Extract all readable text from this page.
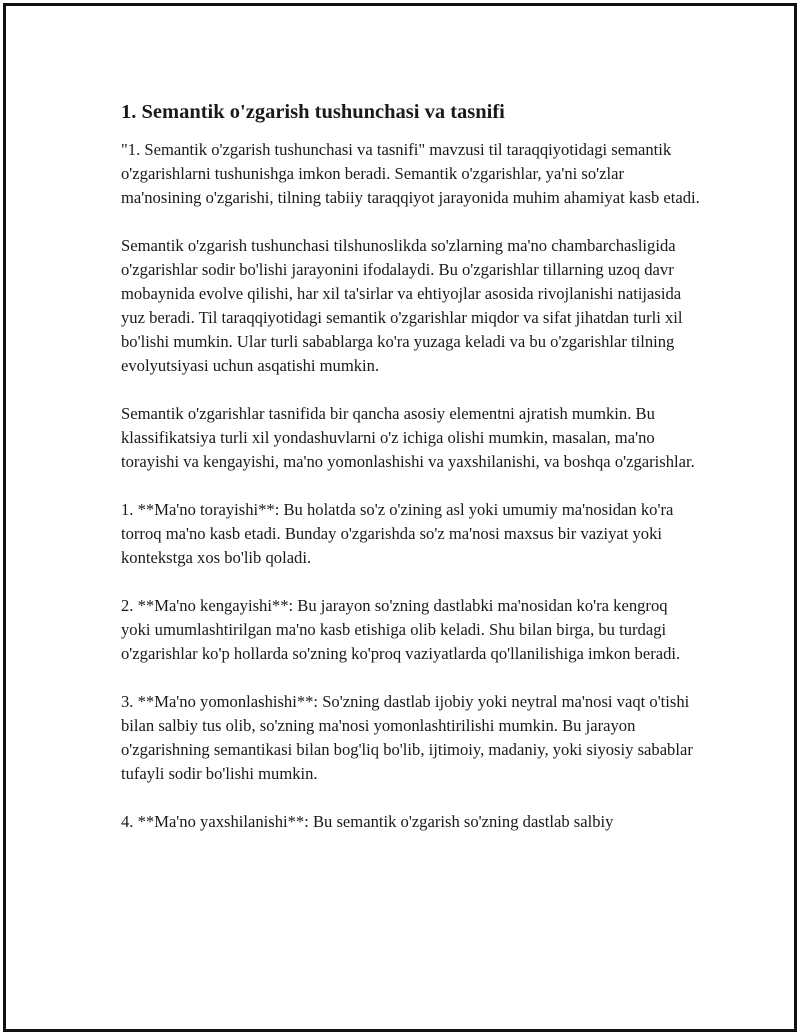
1. Semantik o'zgarish tushunchasi va tasnifi

"1. Semantik o'zgarish tushunchasi va tasnifi" mavzusi til taraqqiyotidagi semantik o'zgarishlarni tushunishga imkon beradi. Semantik o'zgarishlar, ya'ni so'zlar ma'nosining o'zgarishi, tilning tabiiy taraqqiyot jarayonida muhim ahamiyat kasb etadi.

Semantik o'zgarish tushunchasi tilshunoslikda so'zlarning ma'no chambarchasligida o'zgarishlar sodir bo'lishi jarayonini ifodalaydi. Bu o'zgarishlar tillarning uzoq davr mobaynida evolve qilishi, har xil ta'sirlar va ehtiyojlar asosida rivojlanishi natijasida yuz beradi. Til taraqqiyotidagi semantik o'zgarishlar miqdor va sifat jihatdan turli xil bo'lishi mumkin. Ular turli sabablarga ko'ra yuzaga keladi va bu o'zgarishlar tilning evolyutsiyasi uchun asqatishi mumkin.

Semantik o'zgarishlar tasnifida bir qancha asosiy elementni ajratish mumkin. Bu klassifikatsiya turli xil yondashuvlarni o'z ichiga olishi mumkin, masalan, ma'no torayishi va kengayishi, ma'no yomonlashishi va yaxshilanishi, va boshqa o'zgarishlar.

1. **Ma'no torayishi**: Bu holatda so'z o'zining asl yoki umumiy ma'nosidan ko'ra torroq ma'no kasb etadi. Bunday o'zgarishda so'z ma'nosi maxsus bir vaziyat yoki kontekstga xos bo'lib qoladi.

2. **Ma'no kengayishi**: Bu jarayon so'zning dastlabki ma'nosidan ko'ra kengroq yoki umumlashtirilgan ma'no kasb etishiga olib keladi. Shu bilan birga, bu turdagi o'zgarishlar ko'p hollarda so'zning ko'proq vaziyatlarda qo'llanilishiga imkon beradi.

3. **Ma'no yomonlashishi**: So'zning dastlab ijobiy yoki neytral ma'nosi vaqt o'tishi bilan salbiy tus olib, so'zning ma'nosi yomonlashtirilishi mumkin. Bu jarayon o'zgarishning semantikasi bilan bog'liq bo'lib, ijtimoiy, madaniy, yoki siyosiy sabablar tufayli sodir bo'lishi mumkin.

4. **Ma'no yaxshilanishi**: Bu semantik o'zgarish so'zning dastlab salbiy
